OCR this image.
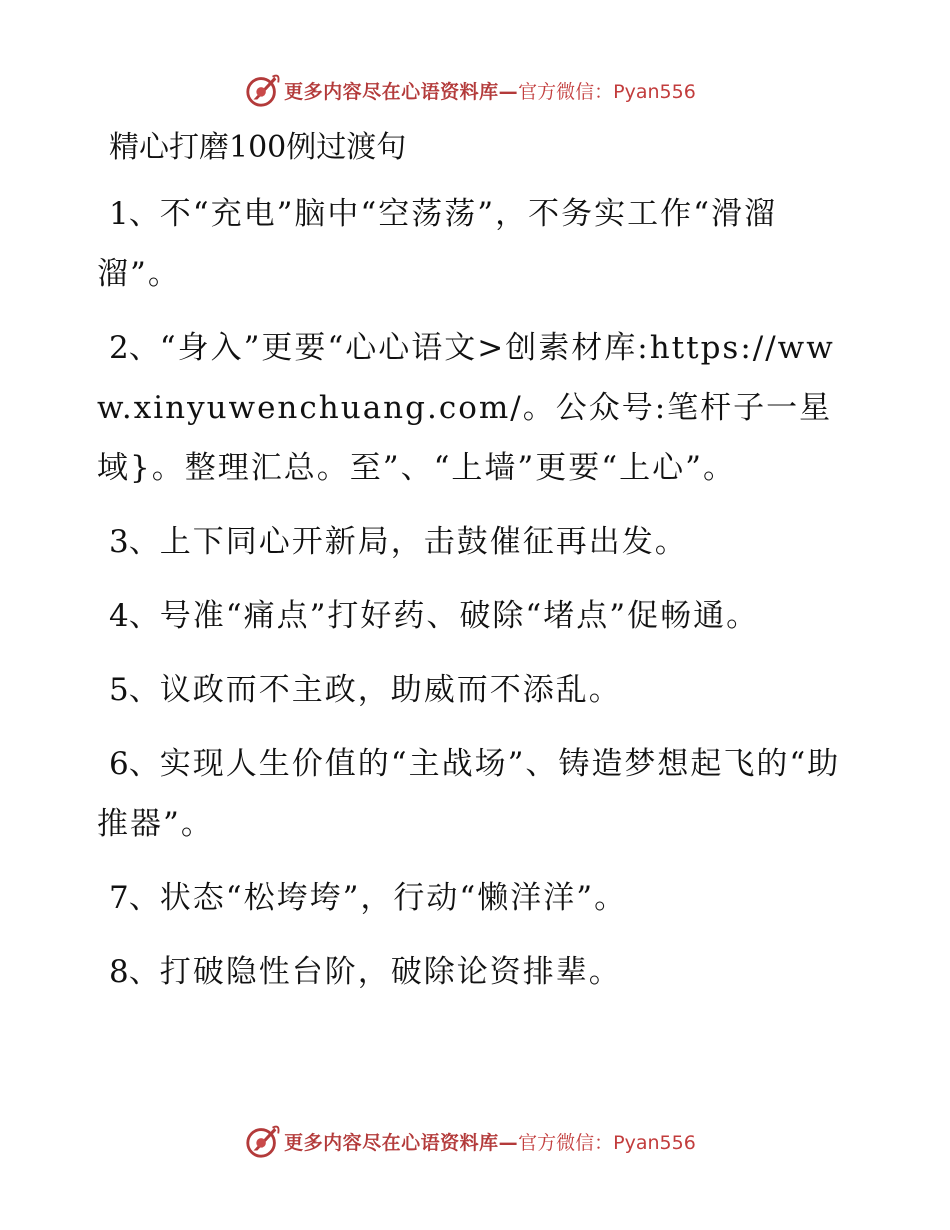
更多内容尽在心语资料库— 官方微信：Pyan556
精心打磨100例过渡句

1、不“充电”脑中“空荡荡”，不务实工作“滑溜溜”。

2、“身入”更要“心心语文>创素材库:https://www.xinyuwenchuang.com/。公众号:笔杆子一星域}。整理汇总。至”、“上墙”更要“上心”。

3、上下同心开新局，击鼓催征再出发。

4、号准“痛点”打好药、破除“堵点”促畅通。

5、议政而不主政，助威而不添乱。

6、实现人生价值的“主战场”、铸造梦想起飞的“助推器”。

7、状态“松垮垮”，行动“懒洋洋”。

8、打破隐性台阶，破除论资排辈。

更多内容尽在心语资料库— 官方微信：Pyan556
